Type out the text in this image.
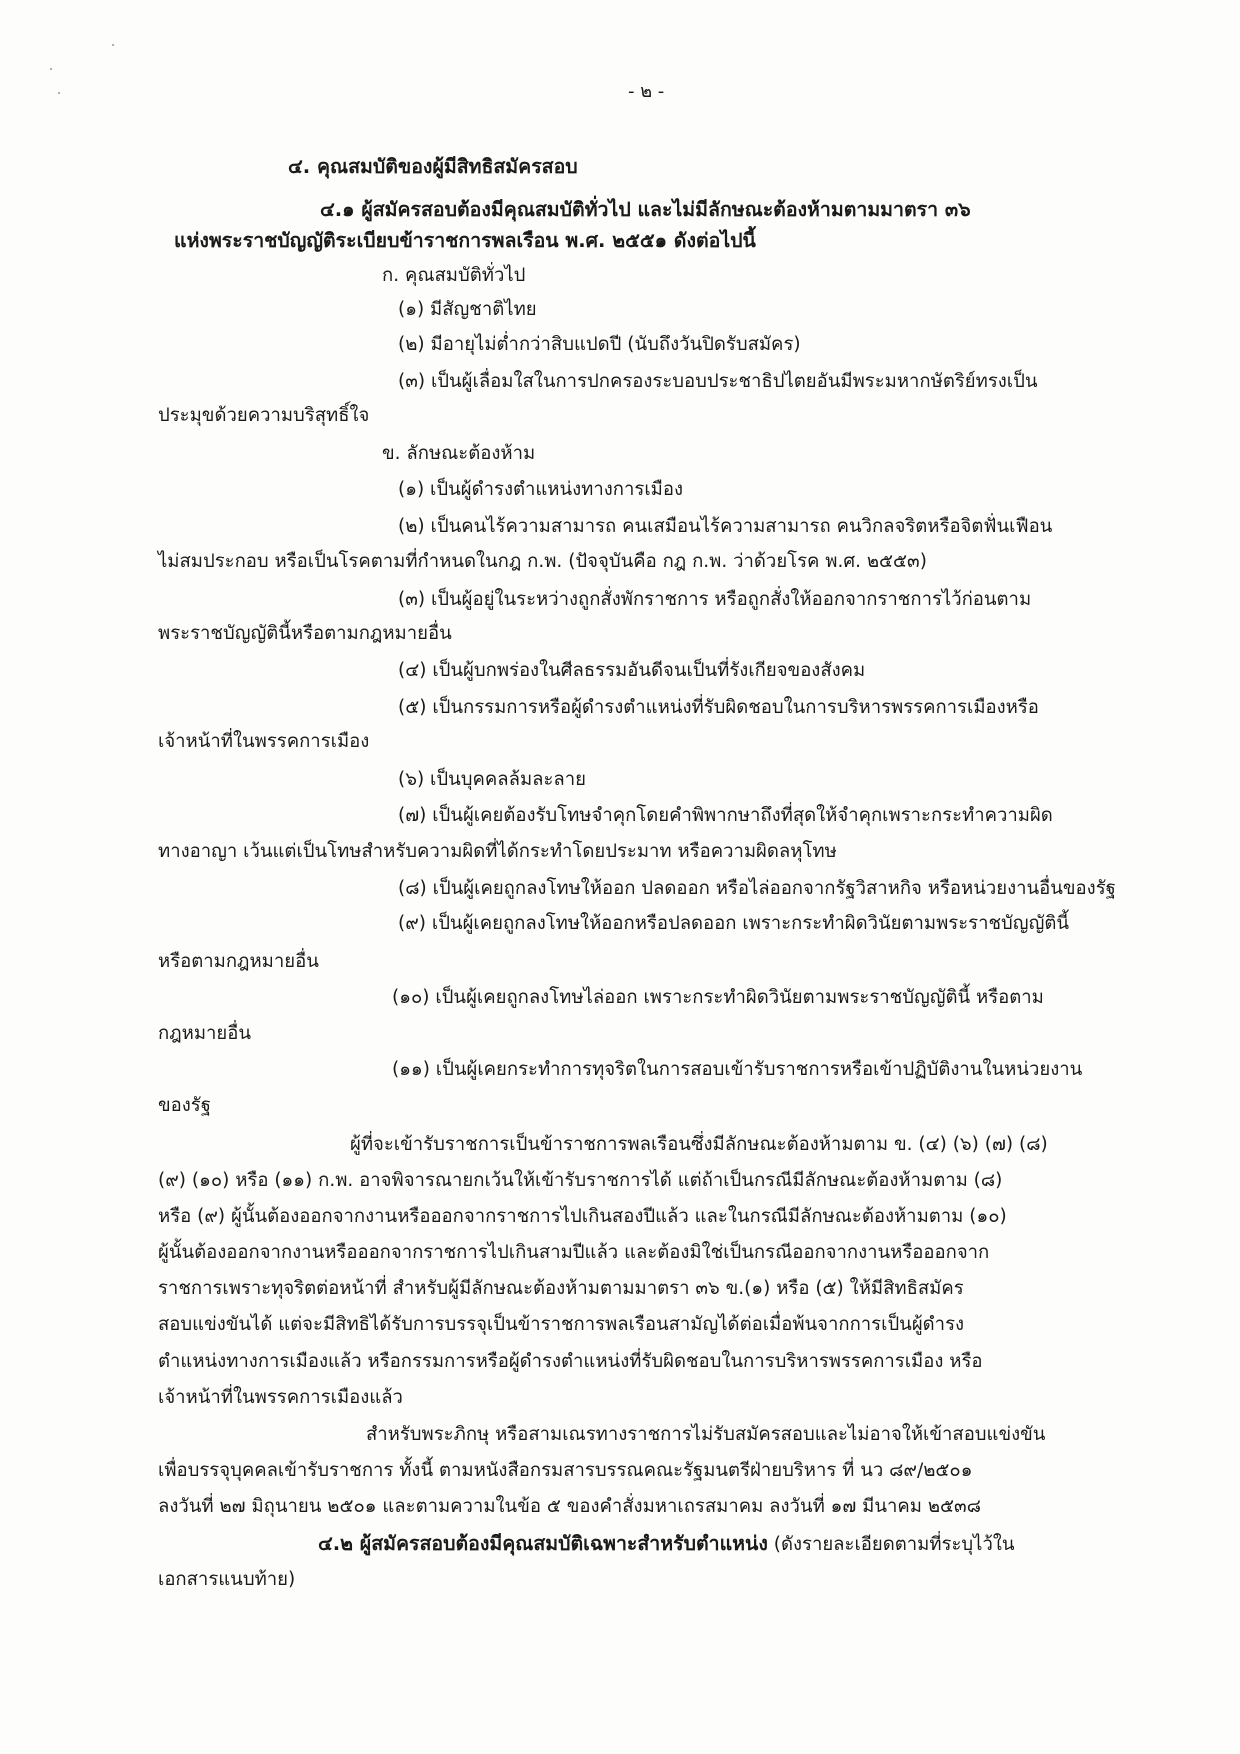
- ๒ -
๔. คุณสมบัติของผู้มีสิทธิสมัครสอบ
๔.๑ ผู้สมัครสอบต้องมีคุณสมบัติทั่วไป และไม่มีลักษณะต้องห้ามตามมาตรา ๓๖
แห่งพระราชบัญญัติระเบียบข้าราชการพลเรือน พ.ศ. ๒๕๕๑ ดังต่อไปนี้
ก. คุณสมบัติทั่วไป
(๑) มีสัญชาติไทย
(๒) มีอายุไม่ต่ำกว่าสิบแปดปี (นับถึงวันปิดรับสมัคร)
(๓) เป็นผู้เลื่อมใสในการปกครองระบอบประชาธิปไตยอันมีพระมหากษัตริย์ทรงเป็น
ประมุขด้วยความบริสุทธิ์ใจ
ข. ลักษณะต้องห้าม
(๑) เป็นผู้ดำรงตำแหน่งทางการเมือง
(๒) เป็นคนไร้ความสามารถ คนเสมือนไร้ความสามารถ คนวิกลจริตหรือจิตฟั่นเฟือน
ไม่สมประกอบ หรือเป็นโรคตามที่กำหนดในกฎ ก.พ. (ปัจจุบันคือ กฎ ก.พ. ว่าด้วยโรค พ.ศ. ๒๕๕๓)
(๓) เป็นผู้อยู่ในระหว่างถูกสั่งพักราชการ หรือถูกสั่งให้ออกจากราชการไว้ก่อนตาม
พระราชบัญญัตินี้หรือตามกฎหมายอื่น
(๔) เป็นผู้บกพร่องในศีลธรรมอันดีจนเป็นที่รังเกียจของสังคม
(๕) เป็นกรรมการหรือผู้ดำรงตำแหน่งที่รับผิดชอบในการบริหารพรรคการเมืองหรือ
เจ้าหน้าที่ในพรรคการเมือง
(๖) เป็นบุคคลล้มละลาย
(๗) เป็นผู้เคยต้องรับโทษจำคุกโดยคำพิพากษาถึงที่สุดให้จำคุกเพราะกระทำความผิด
ทางอาญา เว้นแต่เป็นโทษสำหรับความผิดที่ได้กระทำโดยประมาท หรือความผิดลหุโทษ
(๘) เป็นผู้เคยถูกลงโทษให้ออก ปลดออก หรือไล่ออกจากรัฐวิสาหกิจ หรือหน่วยงานอื่นของรัฐ
(๙) เป็นผู้เคยถูกลงโทษให้ออกหรือปลดออก เพราะกระทำผิดวินัยตามพระราชบัญญัตินี้
หรือตามกฎหมายอื่น
(๑๐) เป็นผู้เคยถูกลงโทษไล่ออก เพราะกระทำผิดวินัยตามพระราชบัญญัตินี้ หรือตาม
กฎหมายอื่น
(๑๑) เป็นผู้เคยกระทำการทุจริตในการสอบเข้ารับราชการหรือเข้าปฏิบัติงานในหน่วยงาน
ของรัฐ
ผู้ที่จะเข้ารับราชการเป็นข้าราชการพลเรือนซึ่งมีลักษณะต้องห้ามตาม ข. (๔) (๖) (๗) (๘)
(๙) (๑๐) หรือ (๑๑) ก.พ. อาจพิจารณายกเว้นให้เข้ารับราชการได้ แต่ถ้าเป็นกรณีมีลักษณะต้องห้ามตาม (๘)
หรือ (๙) ผู้นั้นต้องออกจากงานหรือออกจากราชการไปเกินสองปีแล้ว และในกรณีมีลักษณะต้องห้ามตาม (๑๐)
ผู้นั้นต้องออกจากงานหรือออกจากราชการไปเกินสามปีแล้ว และต้องมิใช่เป็นกรณีออกจากงานหรือออกจาก
ราชการเพราะทุจริตต่อหน้าที่ สำหรับผู้มีลักษณะต้องห้ามตามมาตรา ๓๖ ข.(๑) หรือ (๕) ให้มีสิทธิสมัคร
สอบแข่งขันได้ แต่จะมีสิทธิได้รับการบรรจุเป็นข้าราชการพลเรือนสามัญได้ต่อเมื่อพ้นจากการเป็นผู้ดำรง
ตำแหน่งทางการเมืองแล้ว หรือกรรมการหรือผู้ดำรงตำแหน่งที่รับผิดชอบในการบริหารพรรคการเมือง หรือ
เจ้าหน้าที่ในพรรคการเมืองแล้ว
สำหรับพระภิกษุ หรือสามเณรทางราชการไม่รับสมัครสอบและไม่อาจให้เข้าสอบแข่งขัน
เพื่อบรรจุบุคคลเข้ารับราชการ ทั้งนี้ ตามหนังสือกรมสารบรรณคณะรัฐมนตรีฝ่ายบริหาร ที่ นว ๘๙/๒๕๐๑
ลงวันที่ ๒๗ มิถุนายน ๒๕๐๑ และตามความในข้อ ๕ ของคำสั่งมหาเถรสมาคม ลงวันที่ ๑๗ มีนาคม ๒๕๓๘
๔.๒ ผู้สมัครสอบต้องมีคุณสมบัติเฉพาะสำหรับตำแหน่ง (ดังรายละเอียดตามที่ระบุไว้ใน
เอกสารแนบท้าย)
